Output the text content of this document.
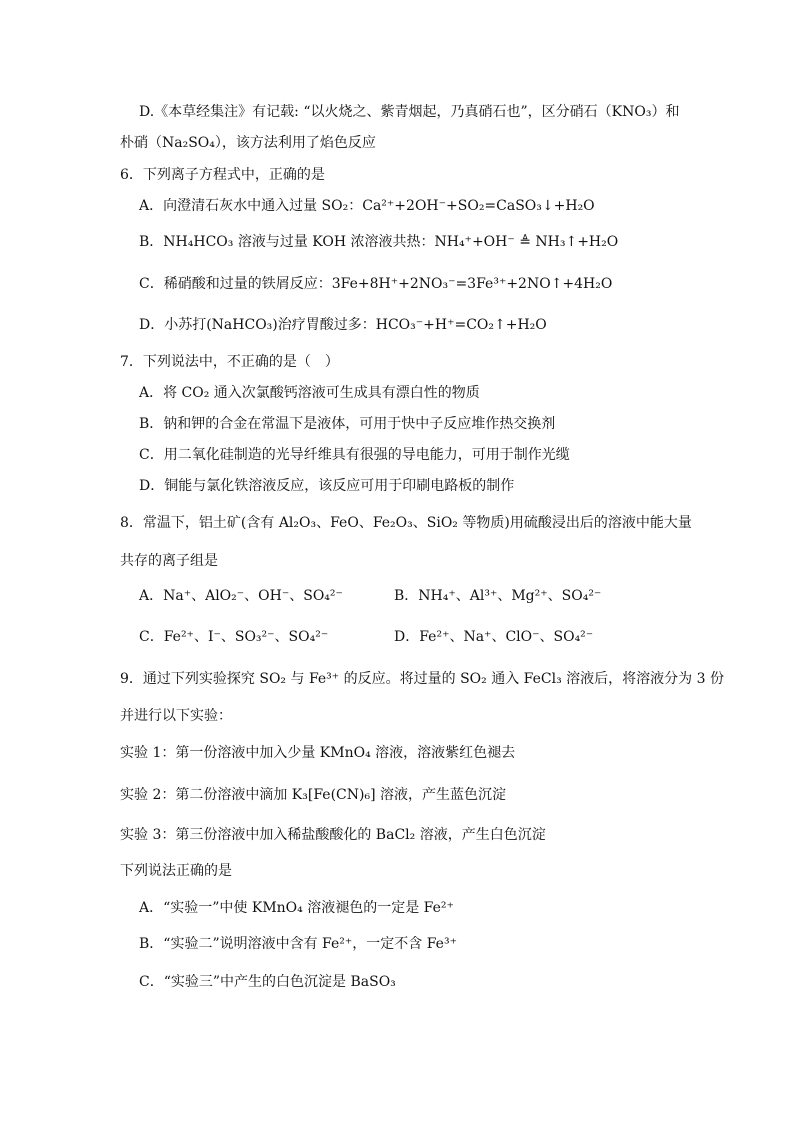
D.《本草经集注》有记载: “以火烧之、紫青烟起，乃真硝石也”，区分硝石（KNO₃）和
朴硝（Na₂SO₄），该方法利用了焰色反应
6．下列离子方程式中，正确的是
A．向澄清石灰水中通入过量 SO₂：Ca²⁺+2OH⁻+SO₂=CaSO₃↓+H₂O
B．NH₄HCO₃ 溶液与过量 KOH 浓溶液共热：NH₄⁺+OH⁻ ≜ NH₃↑+H₂O
C．稀硝酸和过量的铁屑反应：3Fe+8H⁺+2NO₃⁻=3Fe³⁺+2NO↑+4H₂O
D．小苏打(NaHCO₃)治疗胃酸过多：HCO₃⁻+H⁺=CO₂↑+H₂O
7．下列说法中，不正确的是（　）
A．将 CO₂ 通入次氯酸钙溶液可生成具有漂白性的物质
B．钠和钾的合金在常温下是液体，可用于快中子反应堆作热交换剂
C．用二氧化硅制造的光导纤维具有很强的导电能力，可用于制作光缆
D．铜能与氯化铁溶液反应，该反应可用于印刷电路板的制作
8．常温下，铝土矿(含有 Al₂O₃、FeO、Fe₂O₃、SiO₂ 等物质)用硫酸浸出后的溶液中能大量
共存的离子组是
A．Na⁺、AlO₂⁻、OH⁻、SO₄²⁻	B．NH₄⁺、Al³⁺、Mg²⁺、SO₄²⁻
C．Fe²⁺、I⁻、SO₃²⁻、SO₄²⁻	D．Fe²⁺、Na⁺、ClO⁻、SO₄²⁻
9．通过下列实验探究 SO₂ 与 Fe³⁺ 的反应。将过量的 SO₂ 通入 FeCl₃ 溶液后，将溶液分为 3 份
并进行以下实验：
实验 1：第一份溶液中加入少量 KMnO₄ 溶液，溶液紫红色褪去
实验 2：第二份溶液中滴加 K₃[Fe(CN)₆] 溶液，产生蓝色沉淀
实验 3：第三份溶液中加入稀盐酸酸化的 BaCl₂ 溶液，产生白色沉淀
下列说法正确的是
A．“实验一”中使 KMnO₄ 溶液褪色的一定是 Fe²⁺
B．“实验二”说明溶液中含有 Fe²⁺，一定不含 Fe³⁺
C．“实验三”中产生的白色沉淀是 BaSO₃
